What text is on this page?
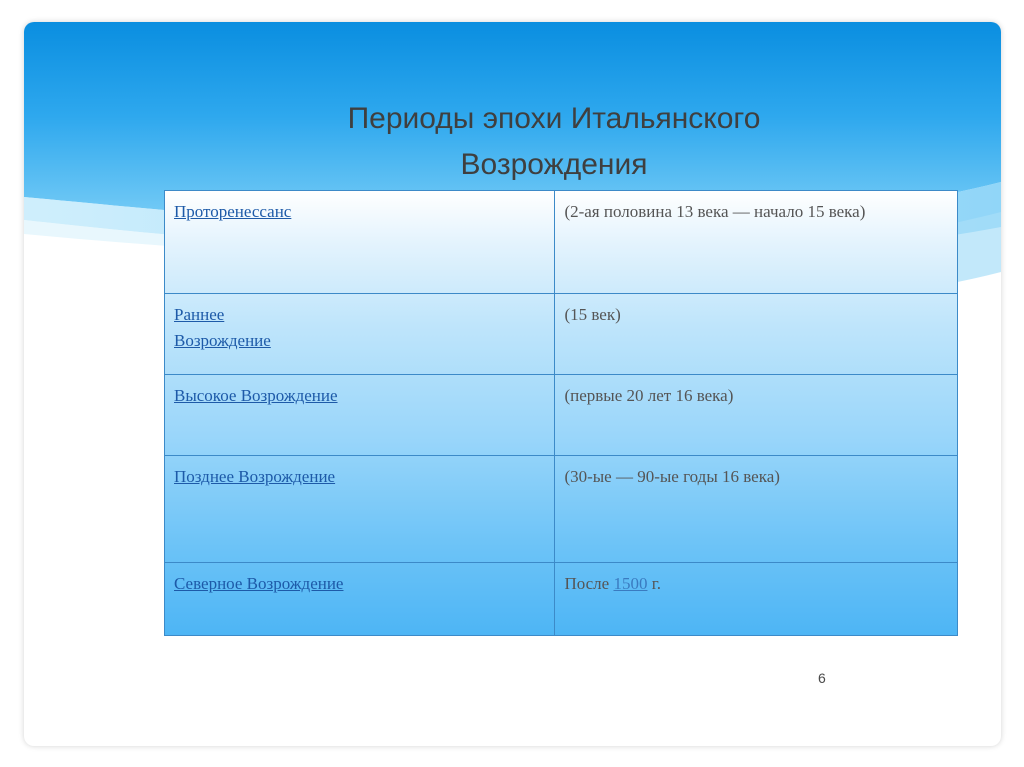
Периоды эпохи Итальянского
Возрождения
Проторенессанс	(2-ая половина 13 века — начало 15 века)
Раннее
Возрождение	(15 век)
Высокое Возрождение	(первые 20 лет 16 века)
Позднее Возрождение	(30-ые — 90-ые годы 16 века)
Северное Возрождение	После 1500 г.
6
